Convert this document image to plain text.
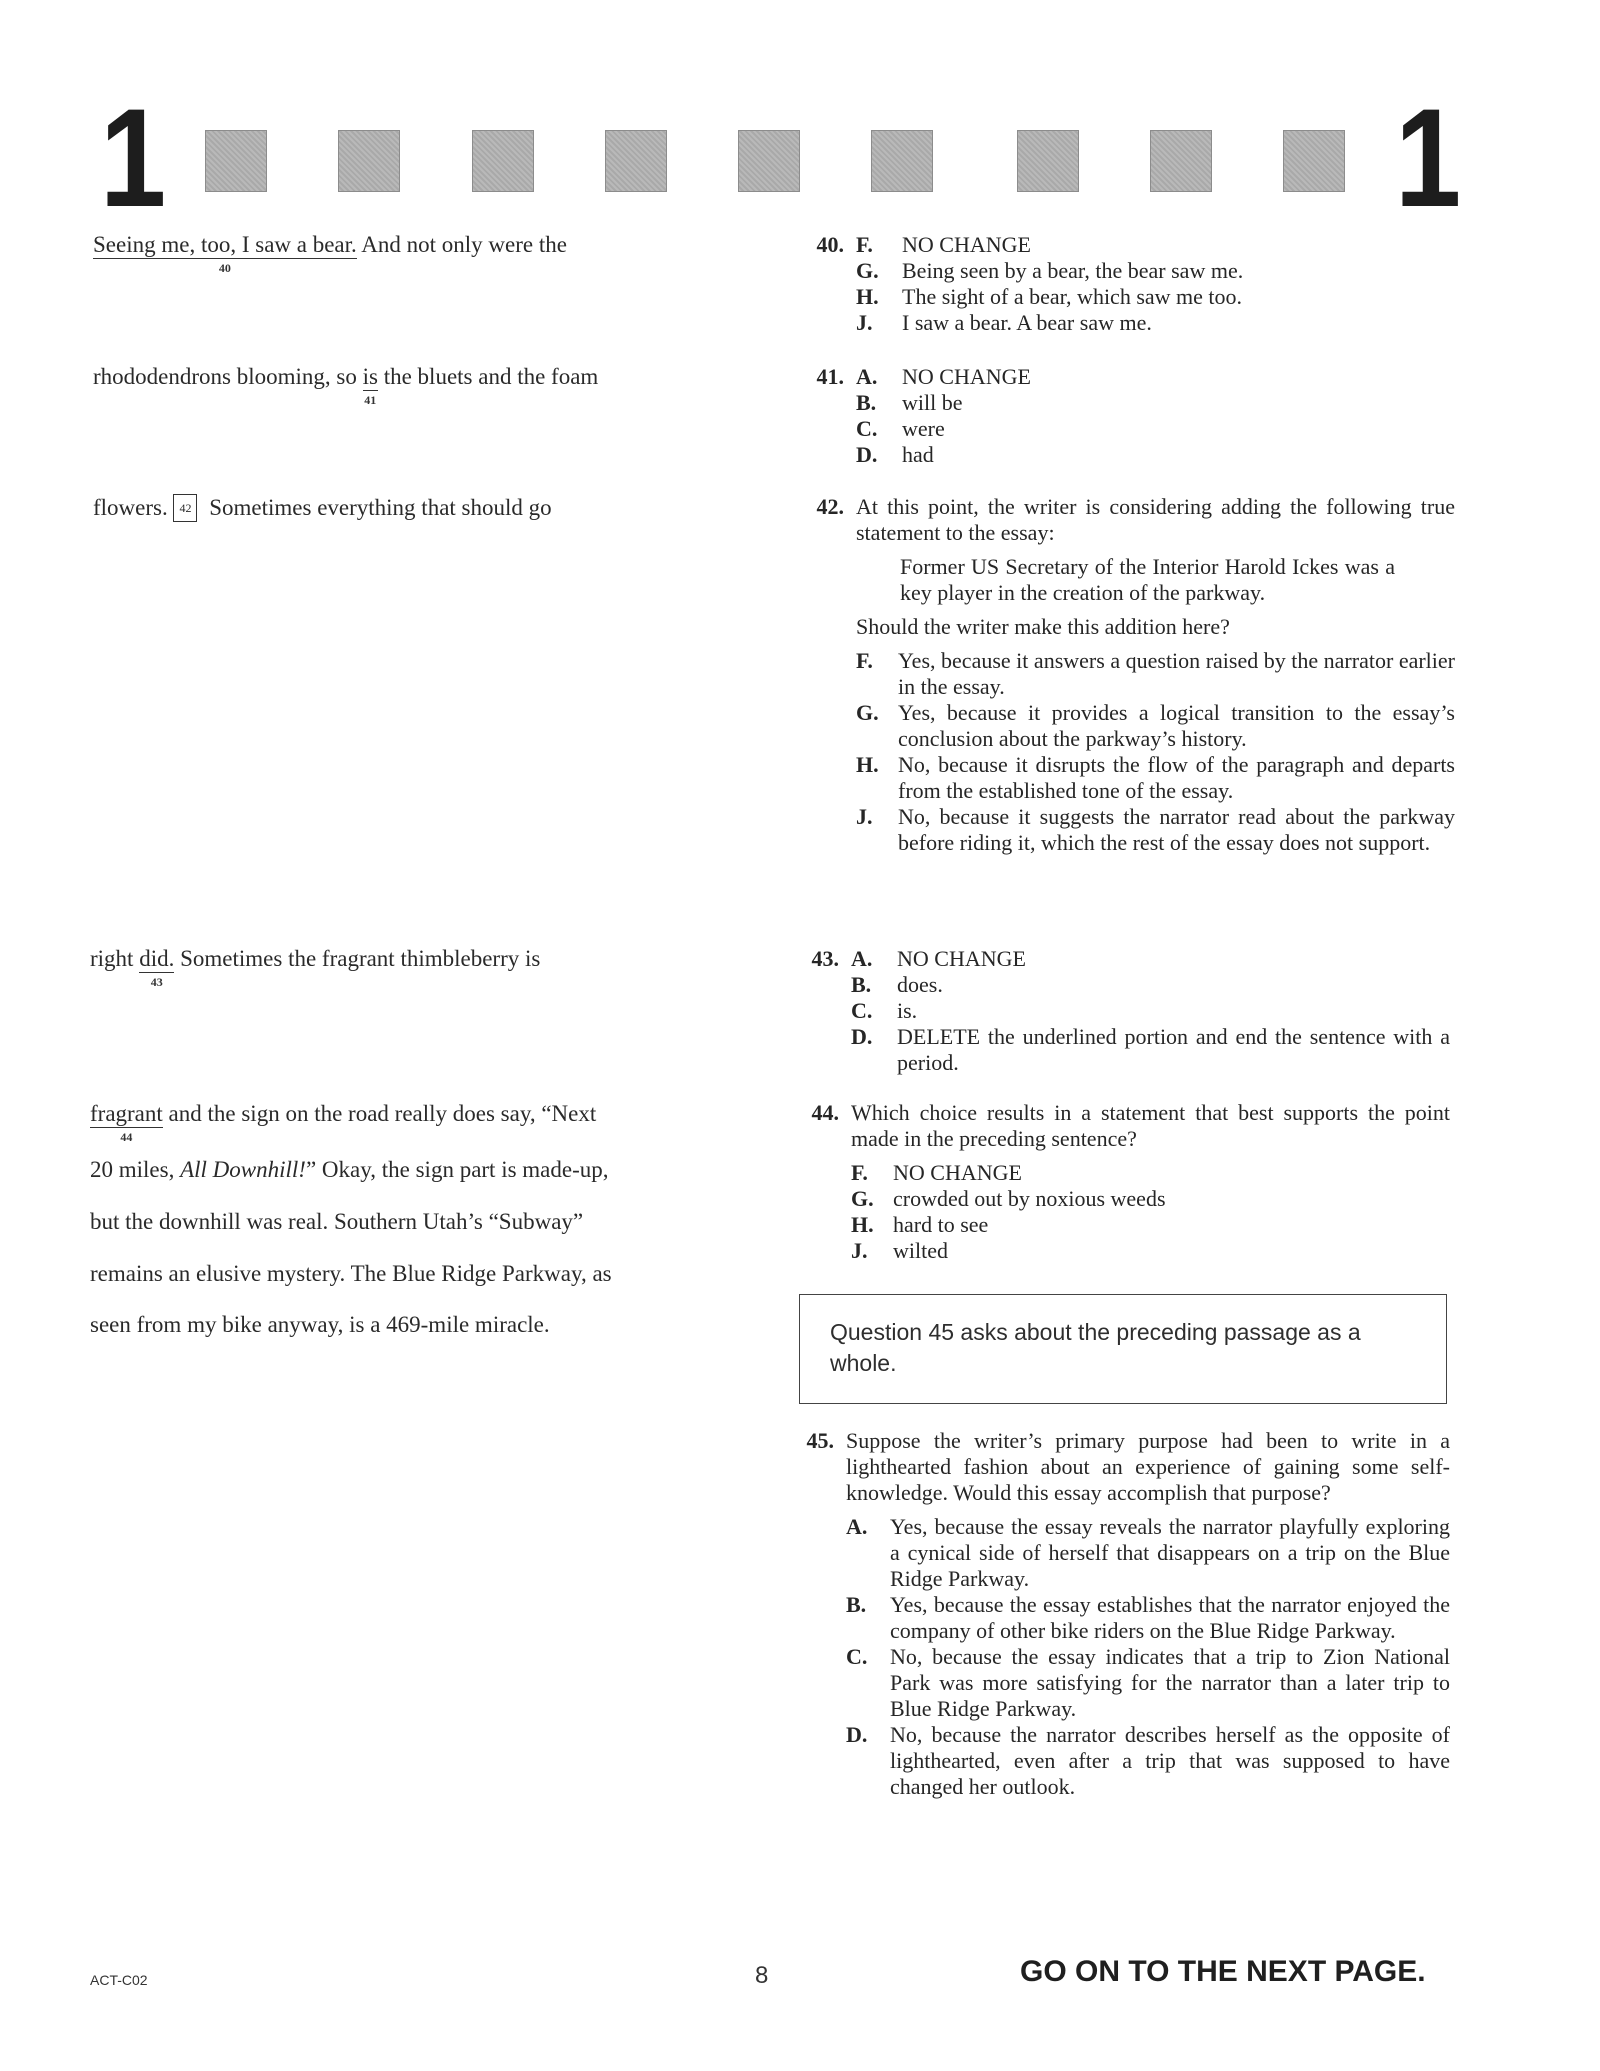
1	1
Seeing me, too, I saw a bear.
40
And not only were the
rhododendrons blooming, so is
41
the bluets and the foam
flowers. 42 Sometimes everything that should go
right did.
43
Sometimes the fragrant thimbleberry is
fragrant
44
and the sign on the road really does say, “Next
20 miles, All Downhill!” Okay, the sign part is made-up,
but the downhill was real. Southern Utah’s “Subway”
remains an elusive mystery. The Blue Ridge Parkway, as
seen from my bike anyway, is a 469-mile miracle.
40. F. NO CHANGE
G. Being seen by a bear, the bear saw me.
H. The sight of a bear, which saw me too.
J. I saw a bear. A bear saw me.
41. A. NO CHANGE
B. will be
C. were
D. had
42. At this point, the writer is considering adding the following true statement to the essay:
Former US Secretary of the Interior Harold Ickes was a key player in the creation of the parkway.
Should the writer make this addition here?
F. Yes, because it answers a question raised by the narrator earlier in the essay.
G. Yes, because it provides a logical transition to the essay’s conclusion about the parkway’s history.
H. No, because it disrupts the flow of the paragraph and departs from the established tone of the essay.
J. No, because it suggests the narrator read about the parkway before riding it, which the rest of the essay does not support.
43. A. NO CHANGE
B. does.
C. is.
D. DELETE the underlined portion and end the sentence with a period.
44. Which choice results in a statement that best supports the point made in the preceding sentence?
F. NO CHANGE
G. crowded out by noxious weeds
H. hard to see
J. wilted
Question 45 asks about the preceding passage as a whole.
45. Suppose the writer’s primary purpose had been to write in a lighthearted fashion about an experience of gaining some self-knowledge. Would this essay accomplish that purpose?
A. Yes, because the essay reveals the narrator playfully exploring a cynical side of herself that disappears on a trip on the Blue Ridge Parkway.
B. Yes, because the essay establishes that the narrator enjoyed the company of other bike riders on the Blue Ridge Parkway.
C. No, because the essay indicates that a trip to Zion National Park was more satisfying for the narrator than a later trip to Blue Ridge Parkway.
D. No, because the narrator describes herself as the opposite of lighthearted, even after a trip that was supposed to have changed her outlook.
ACT-C02	8	GO ON TO THE NEXT PAGE.
